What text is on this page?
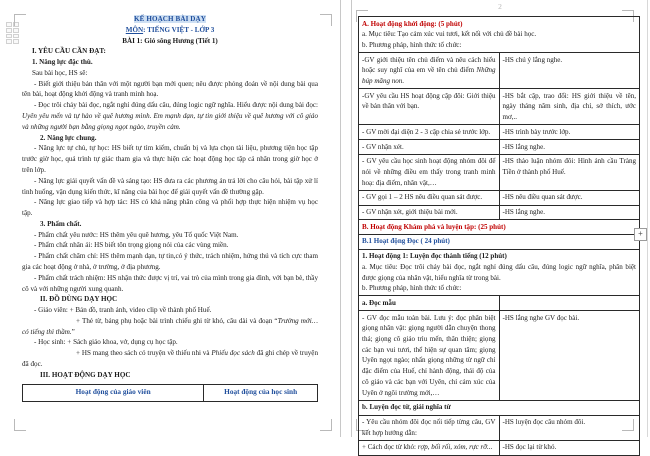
KẾ HOẠCH BÀI DẠY
MÔN: TIẾNG VIỆT - LỚP 3
BÀI 1: Gió sông Hương (Tiết 1)
I. YÊU CẦU CẦN ĐẠT:
1. Năng lực đặc thù.
Sau bài học, HS sẽ:
- Biết giới thiệu bản thân với một người bạn mới quen; nêu được phỏng đoán về nội dung bài qua tên bài, hoạt động khởi động và tranh minh hoạ.
- Đọc trôi chảy bài đọc, ngắt nghỉ đúng dấu câu, đúng logic ngữ nghĩa. Hiểu được nội dung bài đọc: Uyên yêu mến và tự hào về quê hương mình. Em mạnh dạn, tự tin giới thiệu về quê hương với cô giáo và những người bạn bằng giọng ngọt ngào, truyền cảm.
2. Năng lực chung.
- Năng lực tự chủ, tự học: HS biết tự tìm kiếm, chuẩn bị và lựa chọn tài liệu, phương tiện học tập trước giờ học, quá trình tự giác tham gia và thực hiện các hoạt động học tập cá nhân trong giờ học ở trên lớp.
- Năng lực giải quyết vấn đề và sáng tạo: HS đưa ra các phương án trả lời cho câu hỏi, bài tập xử lí tình huống, vận dụng kiến thức, kĩ năng của bài học để giải quyết vấn đề thường gặp.
- Năng lực giao tiếp và hợp tác: HS có khả năng phân công và phối hợp thực hiện nhiệm vụ học tập.
3. Phẩm chất.
- Phẩm chất yêu nước: HS thêm yêu quê hương, yêu Tổ quốc Việt Nam.
- Phẩm chất nhân ái: HS biết tôn trọng giọng nói của các vùng miền.
- Phẩm chất chăm chỉ: HS thêm mạnh dạn, tự tin,có ý thức, trách nhiệm, hứng thú và tích cực tham gia các hoạt động ở nhà, ở trường, ở địa phương.
- Phẩm chất trách nhiệm: HS nhận thức được vị trí, vai trò của mình trong gia đình, với bạn bè, thầy cô và với những người xung quanh.
II. ĐỒ DÙNG DẠY HỌC
- Giáo viên: + Bản đồ, tranh ảnh, video clip về thành phố Huế.
+ Thẻ từ, bảng phụ hoặc bài trình chiếu ghi từ khó, câu dài và đoạn “Trường mới…có tiếng thì thầm.”
- Học sinh: + Sách giáo khoa, vở, dụng cụ học tập.
+ HS mang theo sách có truyện về thiếu nhi và Phiếu đọc sách đã ghi chép về truyện đã đọc.
III. HOẠT ĐỘNG DẠY HỌC
Hoạt động của giáo viên	Hoạt động của học sinh
2
A. Hoạt động khởi động: (5 phút)
a. Mục tiêu: Tạo cảm xúc vui tươi, kết nối với chủ đề bài học.
b. Phương pháp, hình thức tổ chức:	

-GV giới thiệu tên chủ điểm và nêu cách hiểu hoặc suy nghĩ của em về tên chủ điểm Những búp măng non.	-HS chú ý lắng nghe.
-GV yêu cầu HS hoạt động cặp đôi: Giới thiệu về bản thân với bạn.	-HS bắt cặp, trao đổi: HS giới thiệu về tên, ngày tháng năm sinh, địa chỉ, sở thích, ước mơ,..
- GV mời đại diện 2 - 3 cặp chia sẻ trước lớp.	-HS trình bày trước lớp.
- GV nhận xét.	-HS lắng nghe.
- GV yêu cầu học sinh hoạt động nhóm đôi để nói về những điều em thấy trong tranh minh hoạ: địa điểm, nhân vật,…	-HS thảo luận nhóm đôi: Hình ảnh cầu Tràng Tiền ở thành phố Huế.
- GV gọi 1 – 2 HS nêu điều quan sát được.	-HS nêu điều quan sát được.
- GV nhận xét, giới thiệu bài mới.	-HS lắng nghe.
B. Hoạt động Khám phá và luyện tập: (25 phút)	
B.1 Hoạt động Đọc ( 24 phút)	

1. Hoạt động 1: Luyện đọc thành tiếng (12 phút)
a. Mục tiêu: Đọc trôi chảy bài đọc, ngắt nghỉ đúng dấu câu, đúng logic ngữ nghĩa, phân biệt được giọng của nhân vật, hiểu nghĩa từ trong bài.
b. Phương pháp, hình thức tổ chức:	

a. Đọc mẫu	
- GV đọc mẫu toàn bài. Lưu ý: đọc phân biệt giọng nhân vật: giọng người dẫn chuyện thong thả; giọng cô giáo trìu mến, thân thiện; giọng các bạn vui tươi, thể hiện sự quan tâm; giọng Uyên ngọt ngào; nhấn giọng những từ ngữ chỉ đặc điểm của Huế, chỉ hành động, thái độ của cô giáo và các bạn với Uyên, chỉ cảm xúc của Uyên ở ngôi trường mới,…	-HS lắng nghe GV đọc bài.
b. Luyện đọc từ, giải nghĩa từ	
- Yêu cầu nhóm đôi đọc nối tiếp từng câu, GV kết hợp hướng dẫn:	-HS luyện đọc câu nhóm đôi.
+ Cách đọc từ khó: rợp, bối rối, xóm, rực rỡ...	-HS đọc lại từ khó.
+
